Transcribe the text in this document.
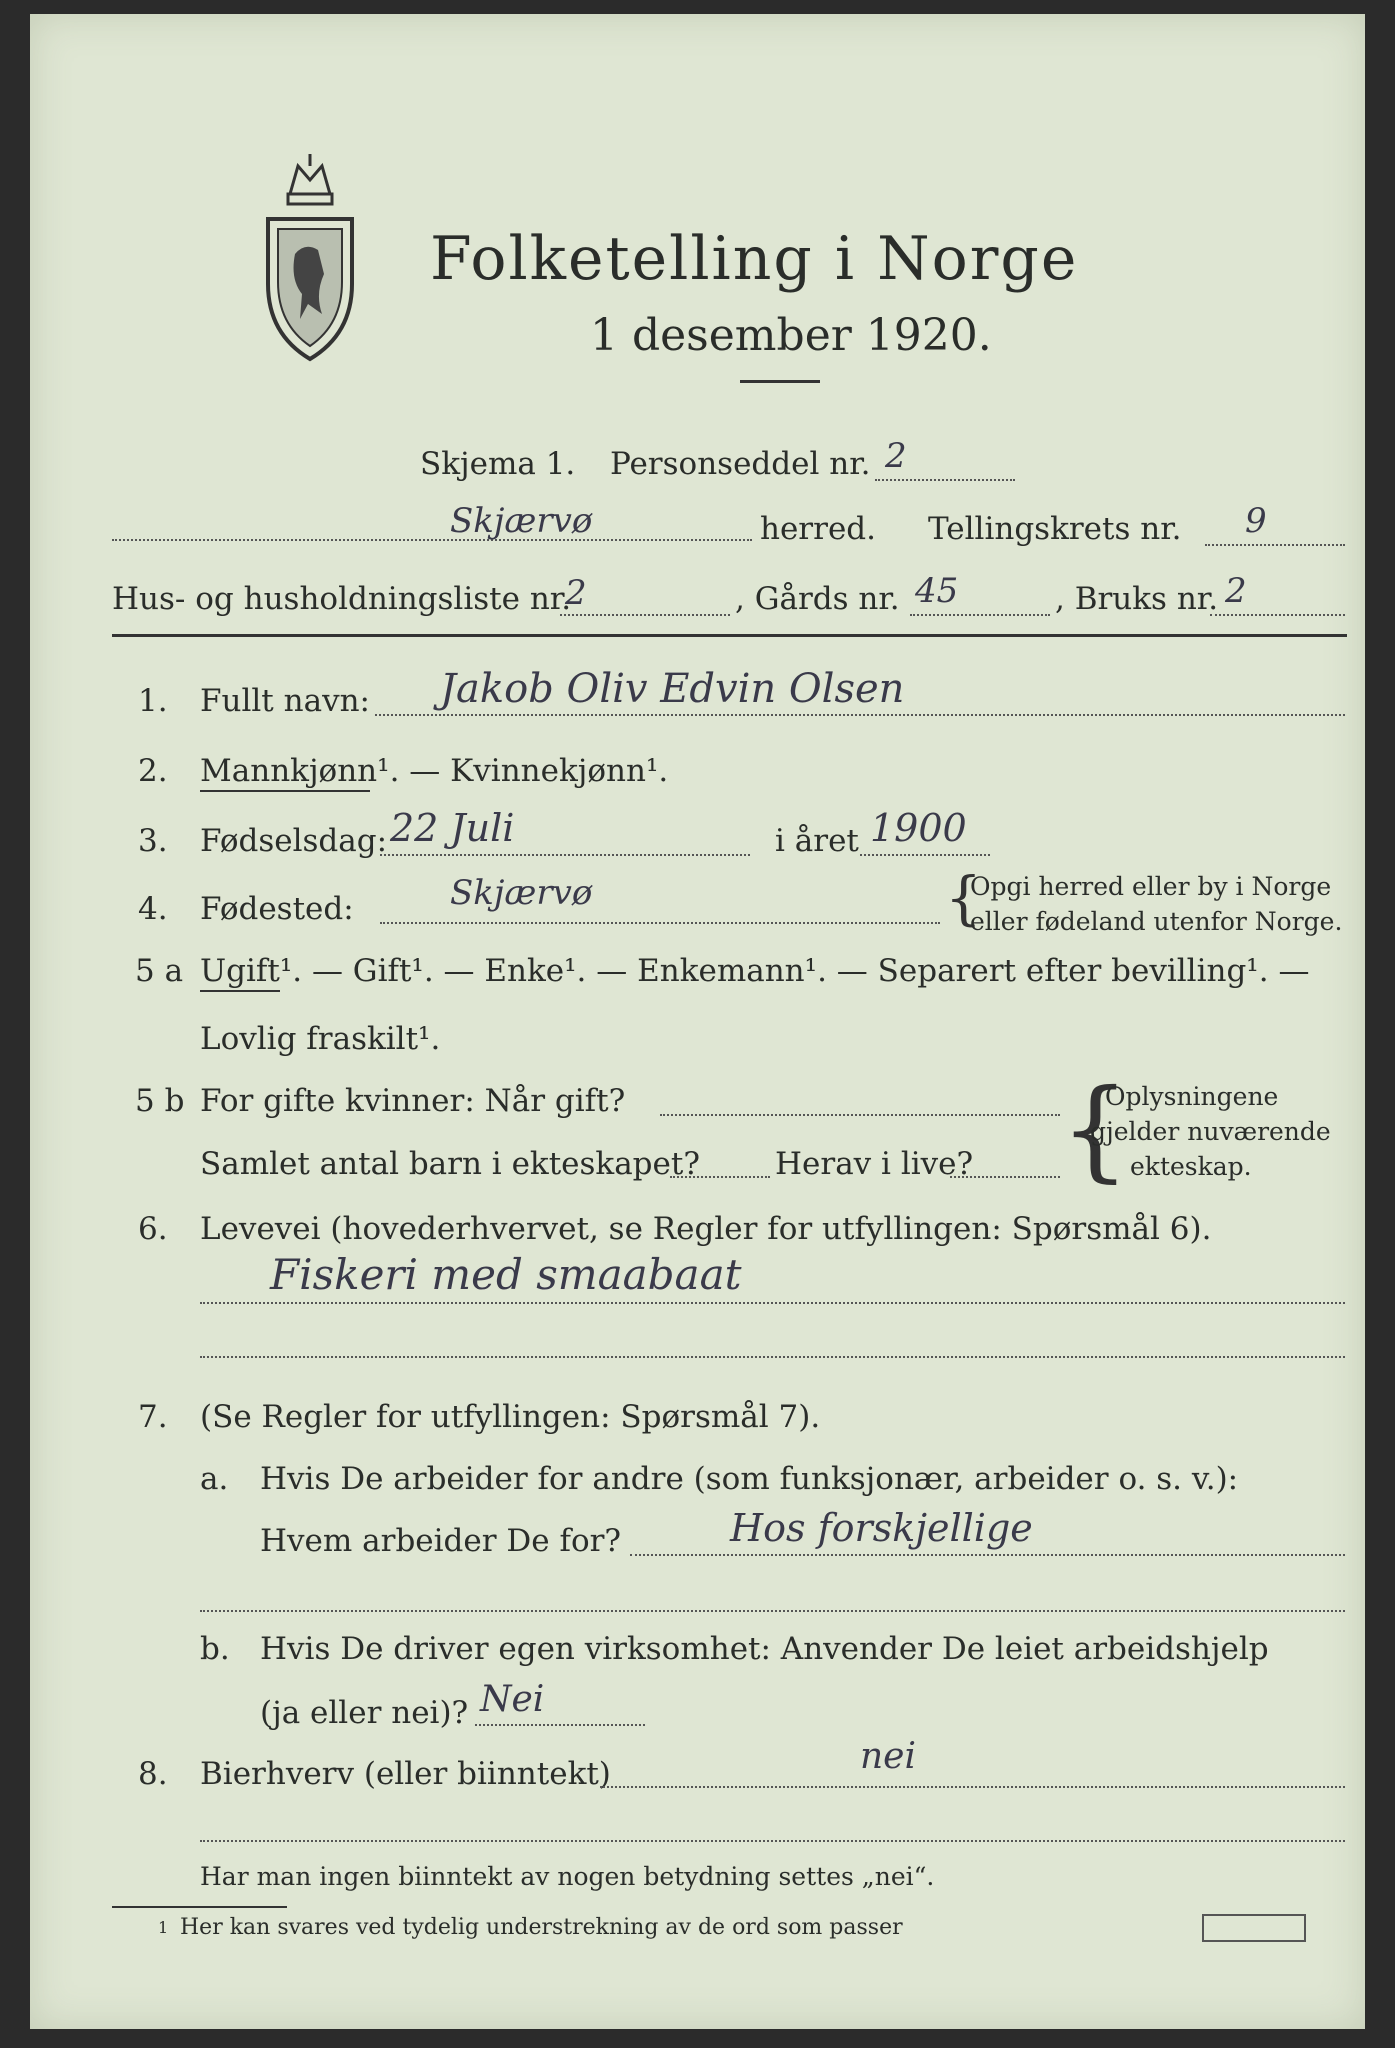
Folketelling i Norge
1 desember 1920.
Skjema 1. Personseddel nr. 2
Skjærvø	herred. Tellingskrets nr. 9
Hus- og husholdningsliste nr.
2	, Gårds nr. 45	, Bruks nr. 2
1. Fullt navn: Jakob Oliv Edvin Olsen
2. Mannkjønn¹. — Kvinnekjønn¹.
3. Fødselsdag: 22 Juli	i året 1900
4. Fødested:	Skjærvø	{
Opgi herred eller by i Norge
eller fødeland utenfor Norge.
5 a Ugift¹. — Gift¹. — Enke¹. — Enkemann¹. — Separert efter bevilling¹. —
Lovlig fraskilt¹.
5 b For gifte kvinner: Når gift?
Samlet antal barn i ekteskapet? Herav i live? {
Oplysningene
gjelder nuværende
ekteskap.
6. Levevei (hovederhvervet, se Regler for utfyllingen: Spørsmål 6).
Fiskeri med smaabaat
7. (Se Regler for utfyllingen: Spørsmål 7).
a. Hvis De arbeider for andre (som funksjonær, arbeider o. s. v.):
Hvem arbeider De for?	Hos forskjellige
b. Hvis De driver egen virksomhet: Anvender De leiet arbeidshjelp
(ja eller nei)? Nei
8. Bierhverv (eller biinntekt)	nei
Har man ingen biinntekt av nogen betydning settes „nei“.
1 Her kan svares ved tydelig understrekning av de ord som passer
